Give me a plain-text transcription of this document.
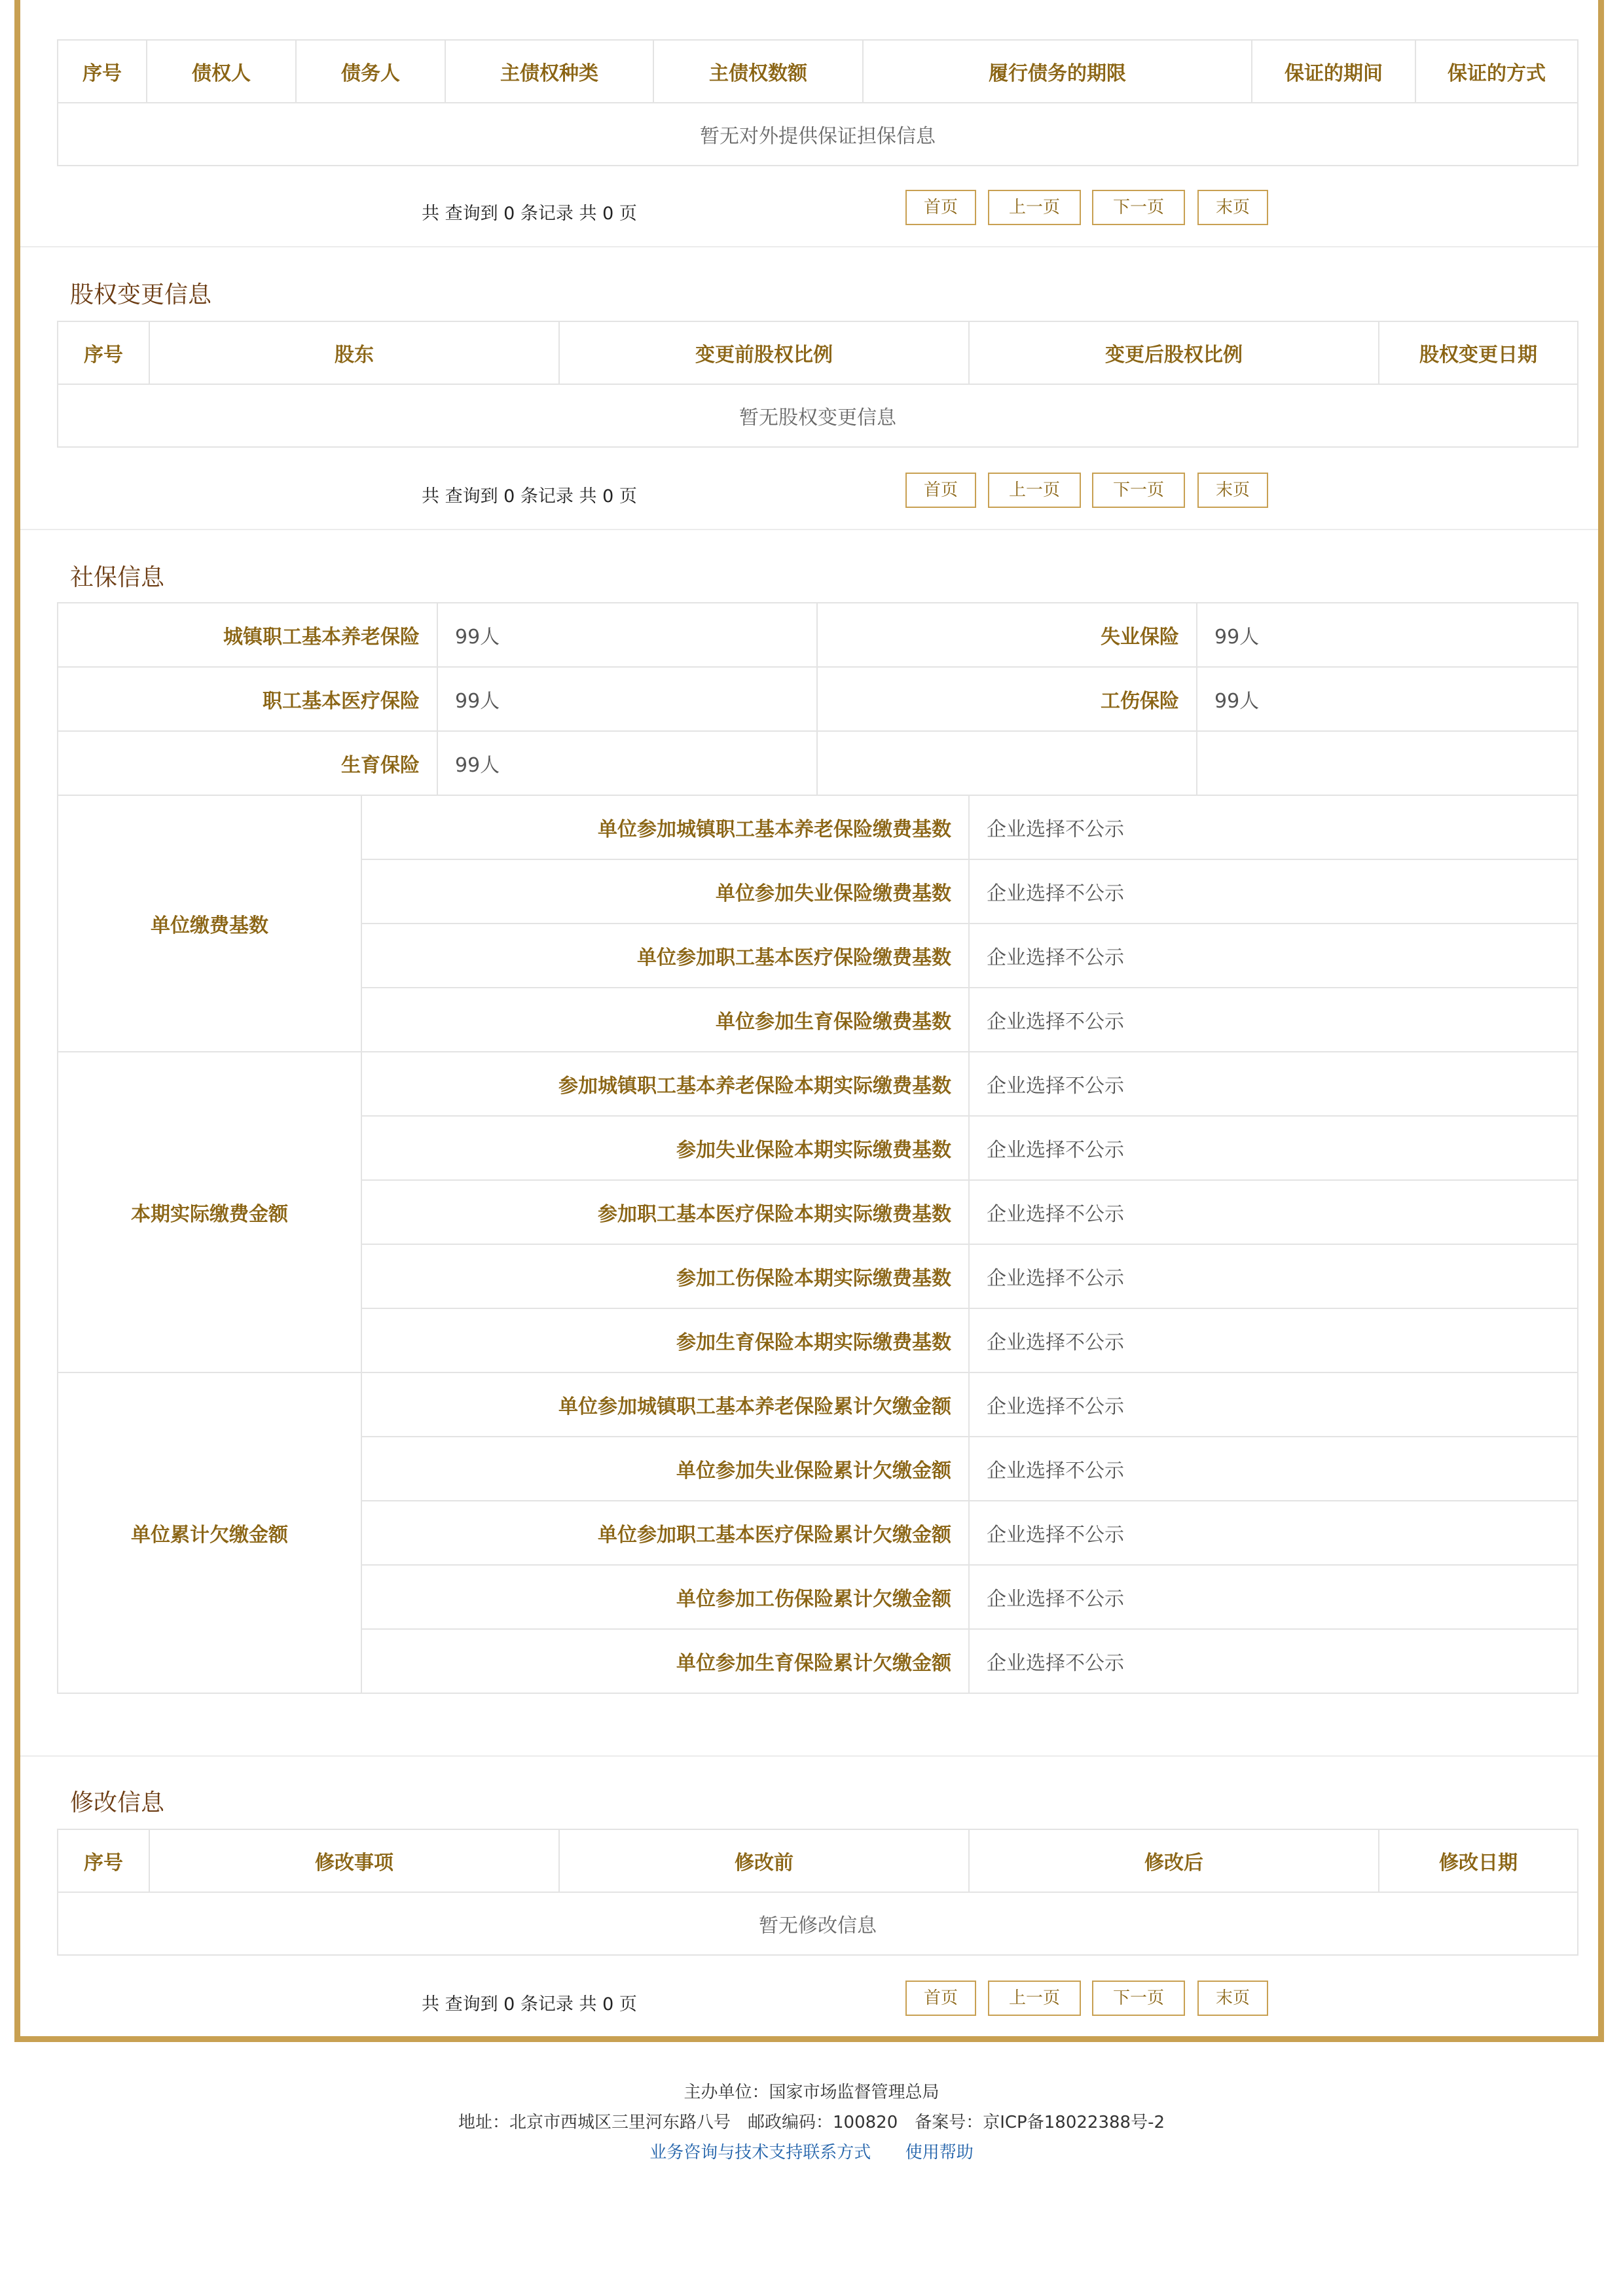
序号	债权人	债务人	主债权种类	主债权数额	履行债务的期限	保证的期间	保证的方式
暂无对外提供保证担保信息
共 查询到 0 条记录 共 0 页	首页	上一页	下一页	末页
股权变更信息
序号	股东	变更前股权比例	变更后股权比例	股权变更日期
暂无股权变更信息
共 查询到 0 条记录 共 0 页	首页	上一页	下一页	末页
社保信息
城镇职工基本养老保险	99人	失业保险	99人
职工基本医疗保险	99人	工伤保险	99人
生育保险	99人		
单位缴费基数	单位参加城镇职工基本养老保险缴费基数	企业选择不公示
	单位参加失业保险缴费基数	企业选择不公示
	单位参加职工基本医疗保险缴费基数	企业选择不公示
	单位参加生育保险缴费基数	企业选择不公示
本期实际缴费金额	参加城镇职工基本养老保险本期实际缴费基数	企业选择不公示
	参加失业保险本期实际缴费基数	企业选择不公示
	参加职工基本医疗保险本期实际缴费基数	企业选择不公示
	参加工伤保险本期实际缴费基数	企业选择不公示
	参加生育保险本期实际缴费基数	企业选择不公示
单位累计欠缴金额	单位参加城镇职工基本养老保险累计欠缴金额	企业选择不公示
	单位参加失业保险累计欠缴金额	企业选择不公示
	单位参加职工基本医疗保险累计欠缴金额	企业选择不公示
	单位参加工伤保险累计欠缴金额	企业选择不公示
	单位参加生育保险累计欠缴金额	企业选择不公示
修改信息
序号	修改事项	修改前	修改后	修改日期
暂无修改信息
共 查询到 0 条记录 共 0 页	首页	上一页	下一页	末页
主办单位：国家市场监督管理总局
地址：北京市西城区三里河东路八号　邮政编码：100820　备案号：京ICP备18022388号-2
业务咨询与技术支持联系方式 使用帮助
